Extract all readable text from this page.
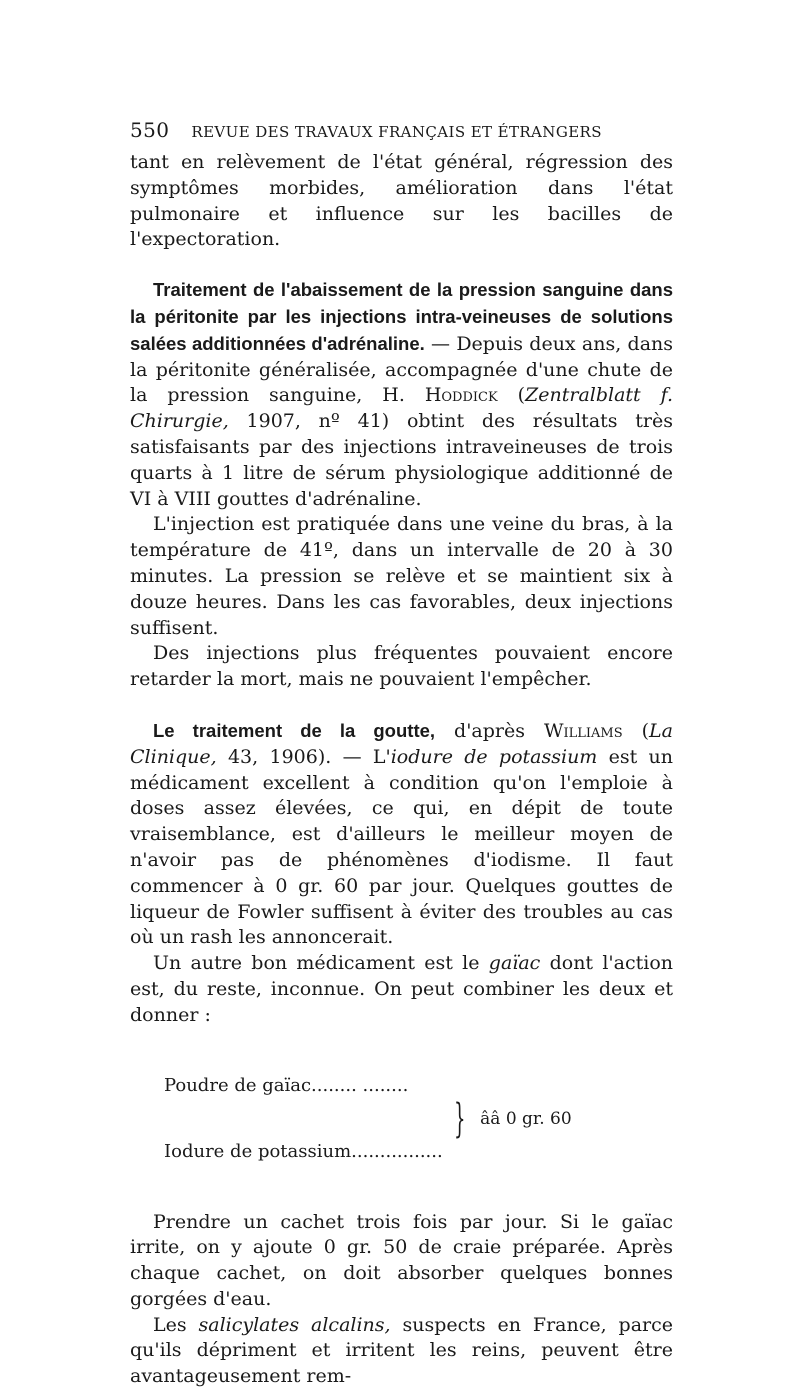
550 REVUE DES TRAVAUX FRANÇAIS ET ÉTRANGERS

tant en relèvement de l'état général, régression des symptômes morbides, amélioration dans l'état pulmonaire et influence sur les bacilles de l'expectoration.

Traitement de l'abaissement de la pression sanguine dans la péritonite par les injections intra-veineuses de solutions salées additionnées d'adrénaline. — Depuis deux ans, dans la péritonite généralisée, accompagnée d'une chute de la pression sanguine, H. Hoddick (Zentralblatt f. Chirurgie, 1907, nº 41) obtint des résultats très satisfaisants par des injections intraveineuses de trois quarts à 1 litre de sérum physiologique additionné de VI à VIII gouttes d'adrénaline.

L'injection est pratiquée dans une veine du bras, à la température de 41º, dans un intervalle de 20 à 30 minutes. La pression se relève et se maintient six à douze heures. Dans les cas favorables, deux injections suffisent.

Des injections plus fréquentes pouvaient encore retarder la mort, mais ne pouvaient l'empêcher.

Le traitement de la goutte, d'après Williams (La Clinique, 43, 1906). — L'iodure de potassium est un médicament excellent à condition qu'on l'emploie à doses assez élevées, ce qui, en dépit de toute vraisemblance, est d'ailleurs le meilleur moyen de n'avoir pas de phénomènes d'iodisme. Il faut commencer à 0 gr. 60 par jour. Quelques gouttes de liqueur de Fowler suffisent à éviter des troubles au cas où un rash les annoncerait.

Un autre bon médicament est le gaïac dont l'action est, du reste, inconnue. On peut combiner les deux et donner :

Poudre de gaïac........ ........

Iodure de potassium................

} ââ 0 gr. 60

Prendre un cachet trois fois par jour. Si le gaïac irrite, on y ajoute 0 gr. 50 de craie préparée. Après chaque cachet, on doit absorber quelques bonnes gorgées d'eau.

Les salicylates alcalins, suspects en France, parce qu'ils dépriment et irritent les reins, peuvent être avantageusement rem-
